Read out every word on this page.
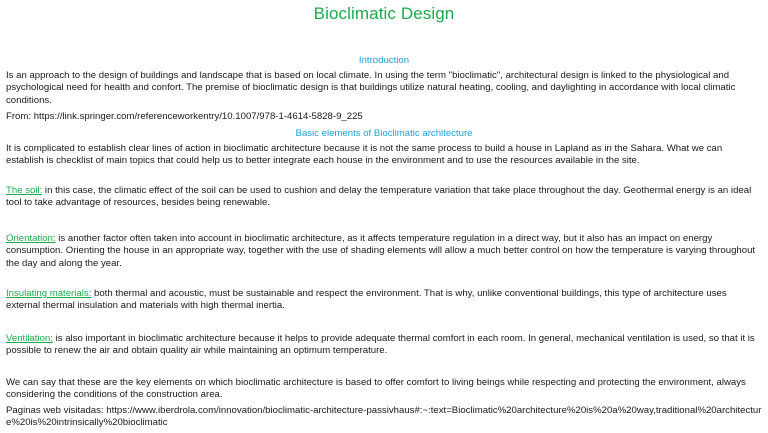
Bioclimatic Design
Introduction
Is an approach to the design of buildings and landscape that is based on local climate. In using the term "bioclimatic", architectural design is linked to the physiological and psychological need for health and confort. The premise of bioclimatic design is that buildings utilize natural heating, cooling, and daylighting in accordance with local climatic conditions.
From: https://link.springer.com/referenceworkentry/10.1007/978-1-4614-5828-9_225
Basic elements of Bioclimatic architecture
It is complicated to establish clear lines of action in bioclimatic architecture because it is not the same process to build a house in Lapland as in the Sahara. What we can establish is checklist of main topics that could help us to better integrate each house in the environment and to use the resources available in the site.
The soil: in this case, the climatic effect of the soil can be used to cushion and delay the temperature variation that take place throughout the day. Geothermal energy is an ideal tool to take advantage of resources, besides being renewable.
Orientation: is another factor often taken into account in bioclimatic architecture, as it affects temperature regulation in a direct way, but it also has an impact on energy consumption. Orienting the house in an appropriate way, together with the use of shading elements will allow a much better control on how the temperature is varying throughout the day and along the year.
Insulating materials: both thermal and acoustic, must be sustainable and respect the environment. That is why, unlike conventional buildings, this type of architecture uses external thermal insulation and materials with high thermal inertia.
Ventilation: is also important in bioclimatic architecture because it helps to provide adequate thermal comfort in each room. In general, mechanical ventilation is used, so that it is possible to renew the air and obtain quality air while maintaining an optimum temperature.
We can say that these are the key elements on which bioclimatic architecture is based to offer comfort to living beings while respecting and protecting the environment, always considering the conditions of the construction area.
Paginas web visitadas: https://www.iberdrola.com/innovation/bioclimatic-architecture-passivhaus#:~:text=Bioclimatic%20architecture%20is%20a%20way,traditional%20architecture%20is%20intrinsically%20bioclimatic
